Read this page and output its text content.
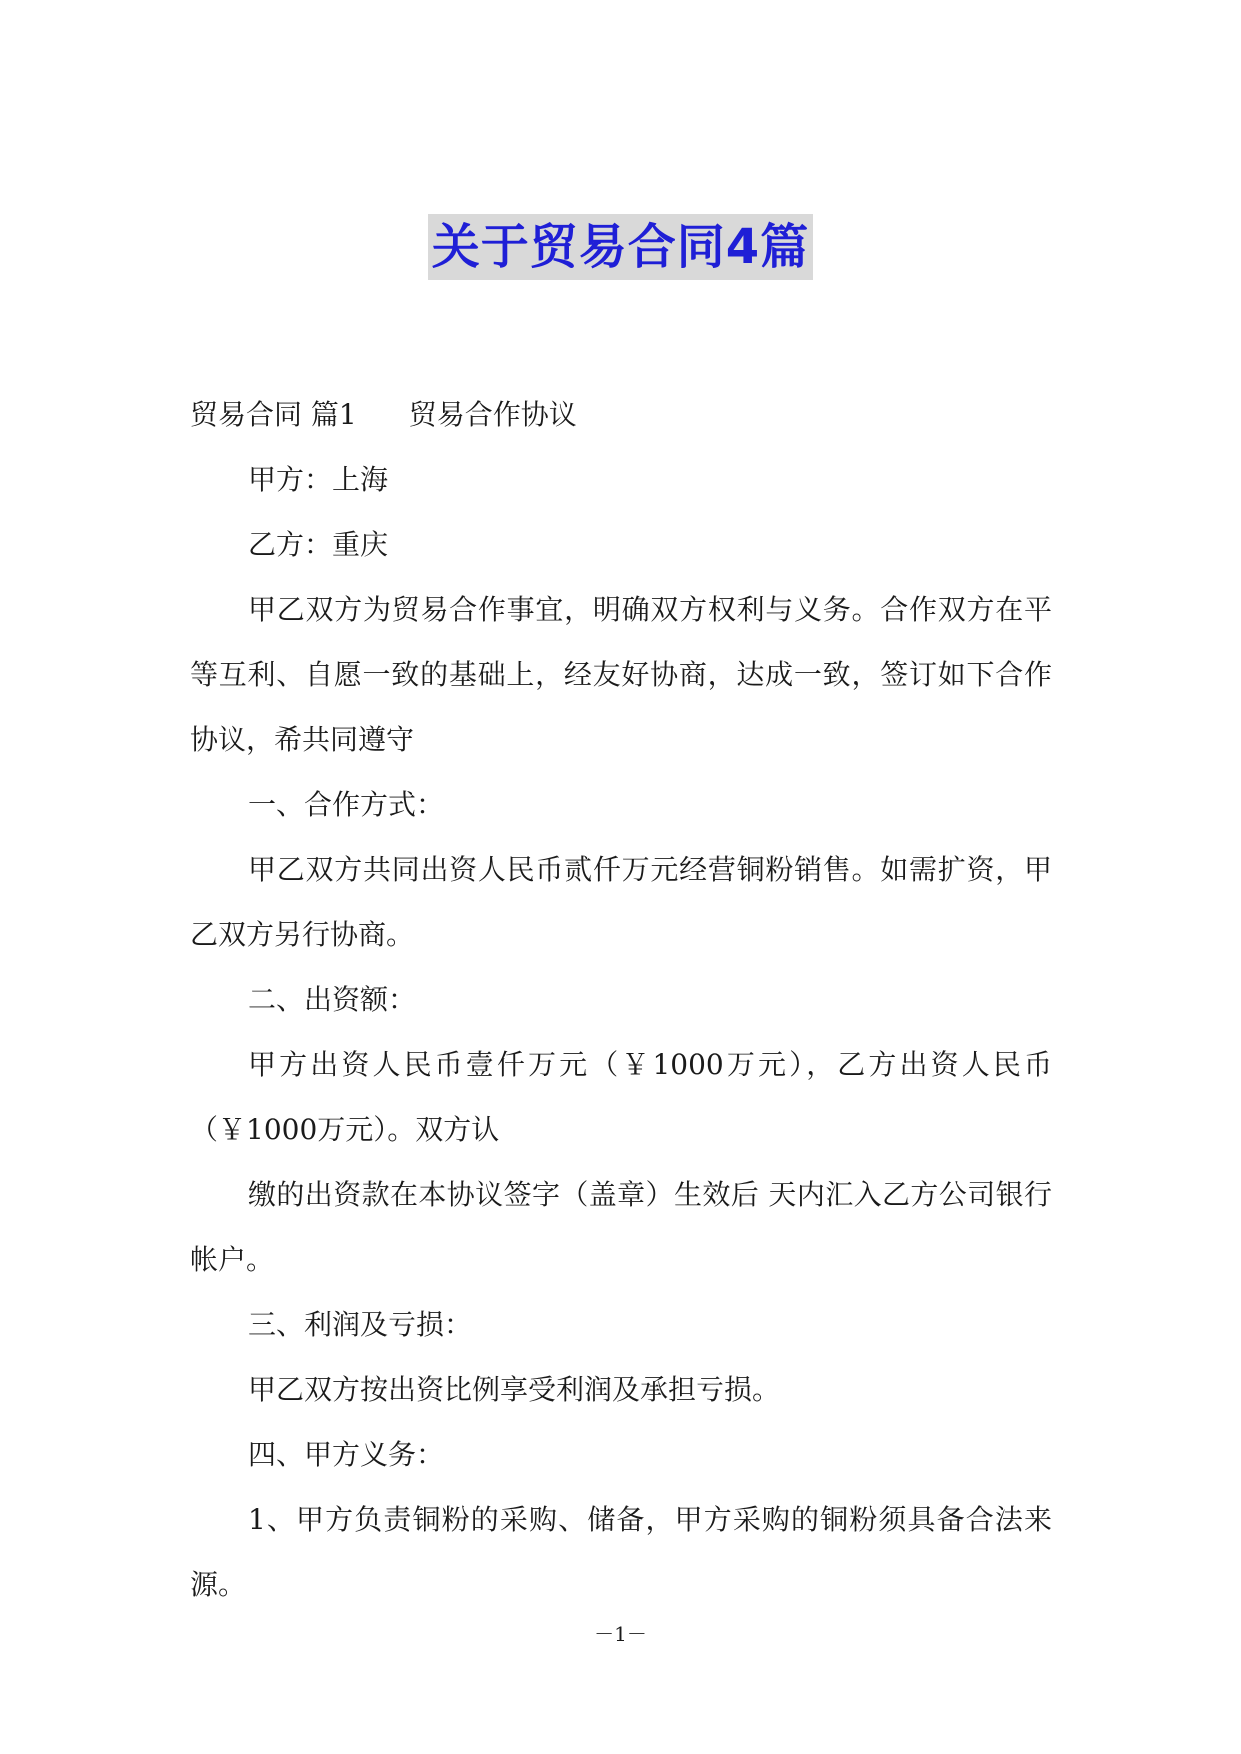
关于贸易合同4篇

贸易合同 篇1 贸易合作协议

甲方：上海

乙方：重庆

甲乙双方为贸易合作事宜，明确双方权利与义务。合作双方在平等互利、自愿一致的基础上，经友好协商，达成一致，签订如下合作协议，希共同遵守

一、合作方式：

甲乙双方共同出资人民币贰仟万元经营铜粉销售。如需扩资，甲乙双方另行协商。

二、出资额：

甲方出资人民币壹仟万元（￥1000万元），乙方出资人民币（￥1000万元）。双方认

缴的出资款在本协议签字（盖章）生效后 天内汇入乙方公司银行帐户。

三、利润及亏损：

甲乙双方按出资比例享受利润及承担亏损。

四、甲方义务：

1、甲方负责铜粉的采购、储备，甲方采购的铜粉须具备合法来源。

－1－
